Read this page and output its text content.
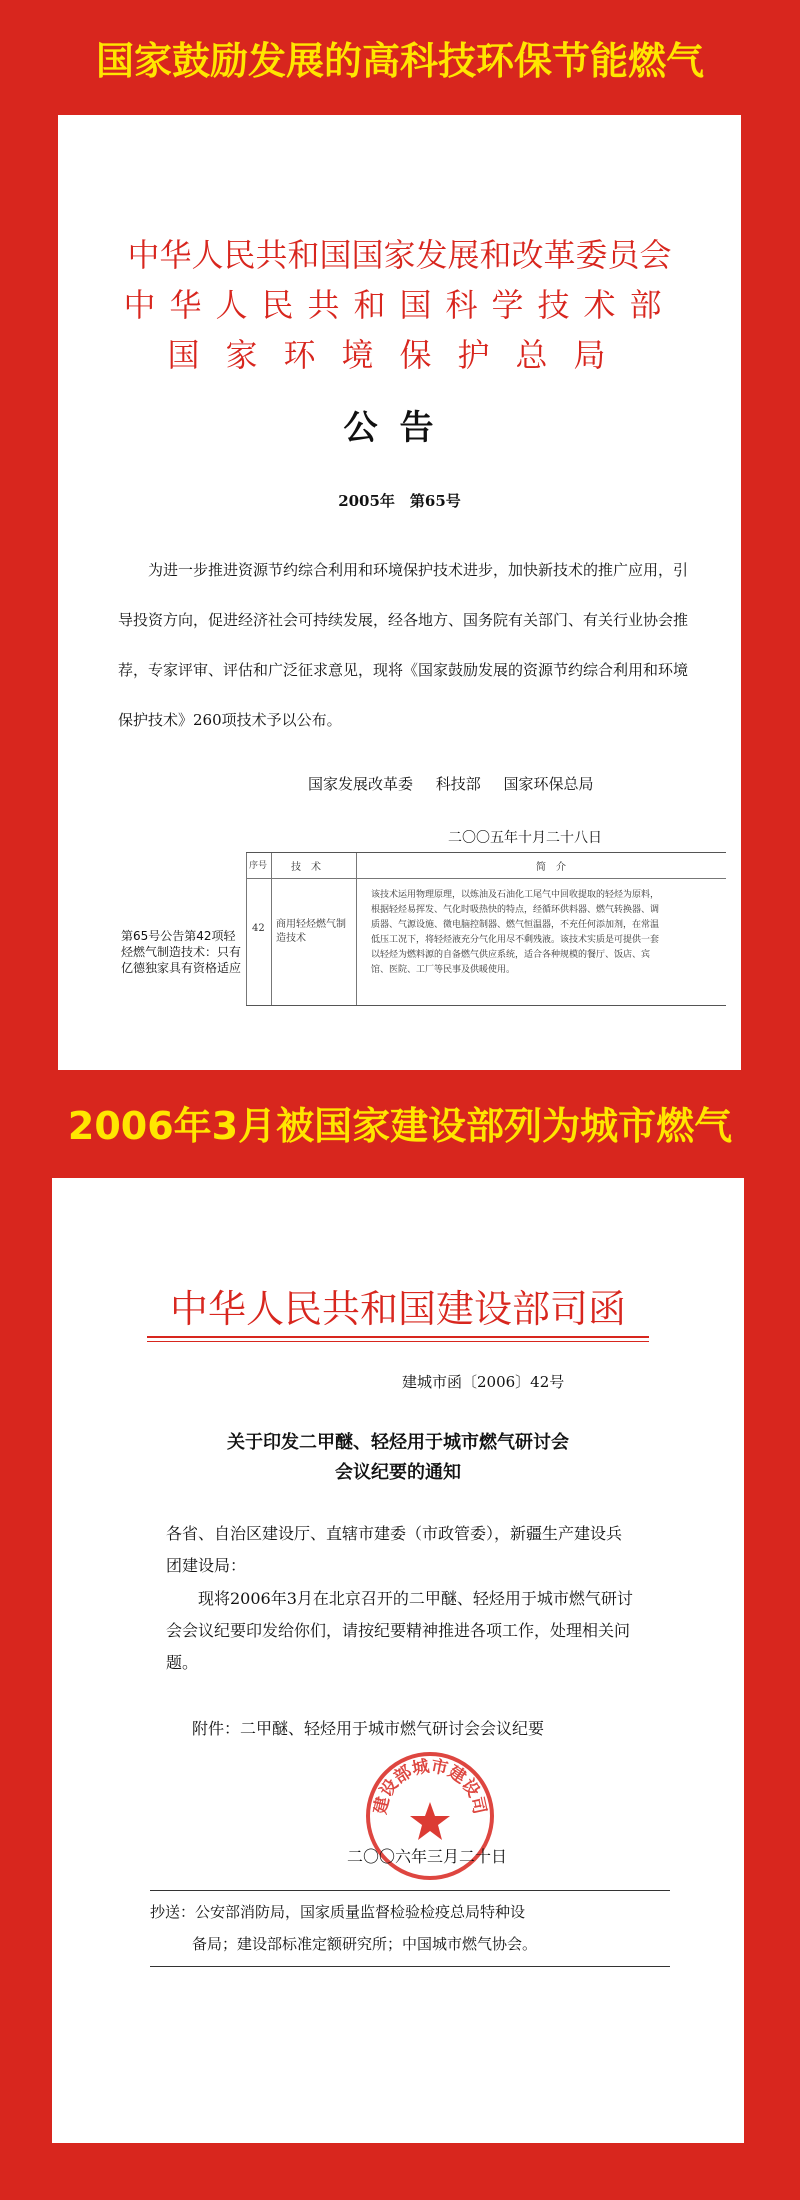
国家鼓励发展的高科技环保节能燃气
中华人民共和国国家发展和改革委员会
中华人民共和国科学技术部
国家环境保护总局
公告
2005年　第65号
为进一步推进资源节约综合利用和环境保护技术进步，加快新技术的推广应用，引导投资方向，促进经济社会可持续发展，经各地方、国务院有关部门、有关行业协会推荐，专家评审、评估和广泛征求意见，现将《国家鼓励发展的资源节约综合利用和环境保护技术》260项技术予以公布。
国家发展改革委 科技部 国家环保总局
二〇〇五年十月二十八日
序号 技　术	简　介
42 商用轻烃燃气制造技术
该技术运用物理原理，以炼油及石油化工尾气中回收提取的轻烃为原料，根据轻烃易挥发、气化时吸热快的特点，经循环供料器、燃气转换器、调质器、气源设施、微电脑控制器、燃气恒温器，不充任何添加剂，在常温低压工况下，将轻烃液充分气化用尽不剩残液。该技术实质是可提供一套以轻烃为燃料源的自备燃气供应系统，适合各种规模的餐厅、饭店、宾馆、医院、工厂等民事及供暖使用。
第65号公告第42项轻烃燃气制造技术：只有亿德独家具有资格适应
2006年3月被国家建设部列为城市燃气
中华人民共和国建设部司函
建城市函〔2006〕42号
关于印发二甲醚、轻烃用于城市燃气研讨会
会议纪要的通知
各省、自治区建设厅、直辖市建委（市政管委），新疆生产建设兵团建设局：
现将2006年3月在北京召开的二甲醚、轻烃用于城市燃气研讨会会议纪要印发给你们，请按纪要精神推进各项工作，处理相关问题。
附件：二甲醚、轻烃用于城市燃气研讨会会议纪要
建设部城市建设司
二〇〇六年三月二十日
抄送：公安部消防局，国家质量监督检验检疫总局特种设
备局；建设部标准定额研究所；中国城市燃气协会。
